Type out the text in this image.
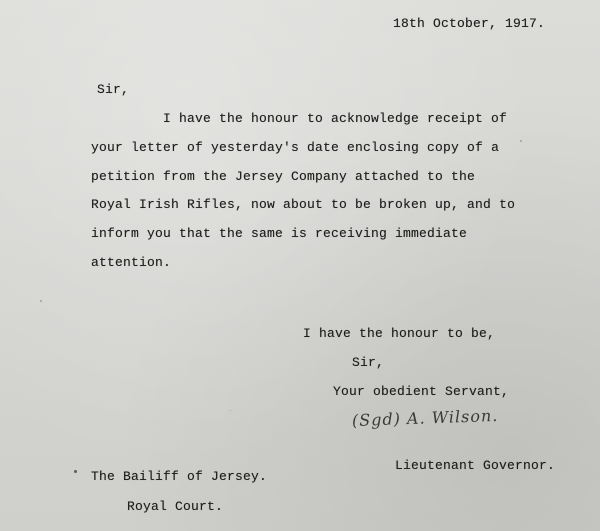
18th October, 1917.
Sir,
I have the honour to acknowledge receipt of
your letter of yesterday's date enclosing copy of a
petition from the Jersey Company attached to the
Royal Irish Rifles, now about to be broken up, and to
inform you that the same is receiving immediate
attention.
I have the honour to be,
Sir,
Your obedient Servant,
(Sgd) A. Wilson.
Lieutenant Governor.
The Bailiff of Jersey.
Royal Court.
